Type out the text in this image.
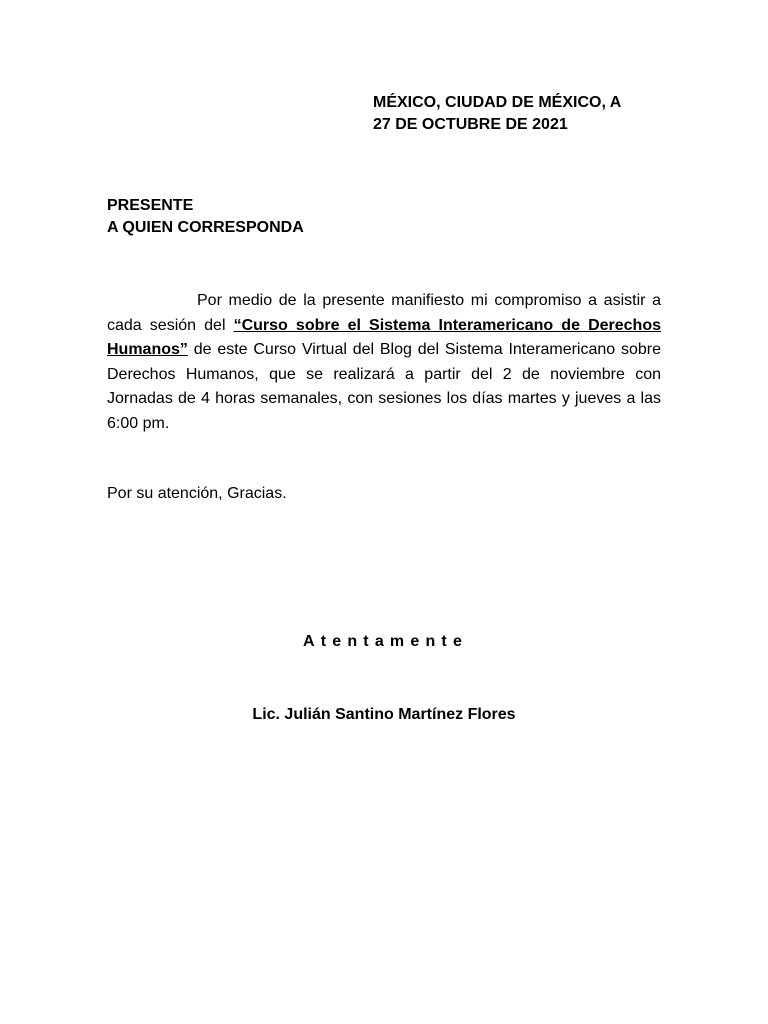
MÉXICO, CIUDAD DE MÉXICO, A
27 DE OCTUBRE DE 2021
PRESENTE
A QUIEN CORRESPONDA
Por medio de la presente manifiesto mi compromiso a asistir a cada sesión del “Curso sobre el Sistema Interamericano de Derechos Humanos” de este Curso Virtual del Blog del Sistema Interamericano sobre Derechos Humanos, que se realizará a partir del 2 de noviembre con Jornadas de 4 horas semanales, con sesiones los días martes y jueves a las 6:00 pm.
Por su atención, Gracias.
Atentamente
Lic. Julián Santino Martínez Flores
